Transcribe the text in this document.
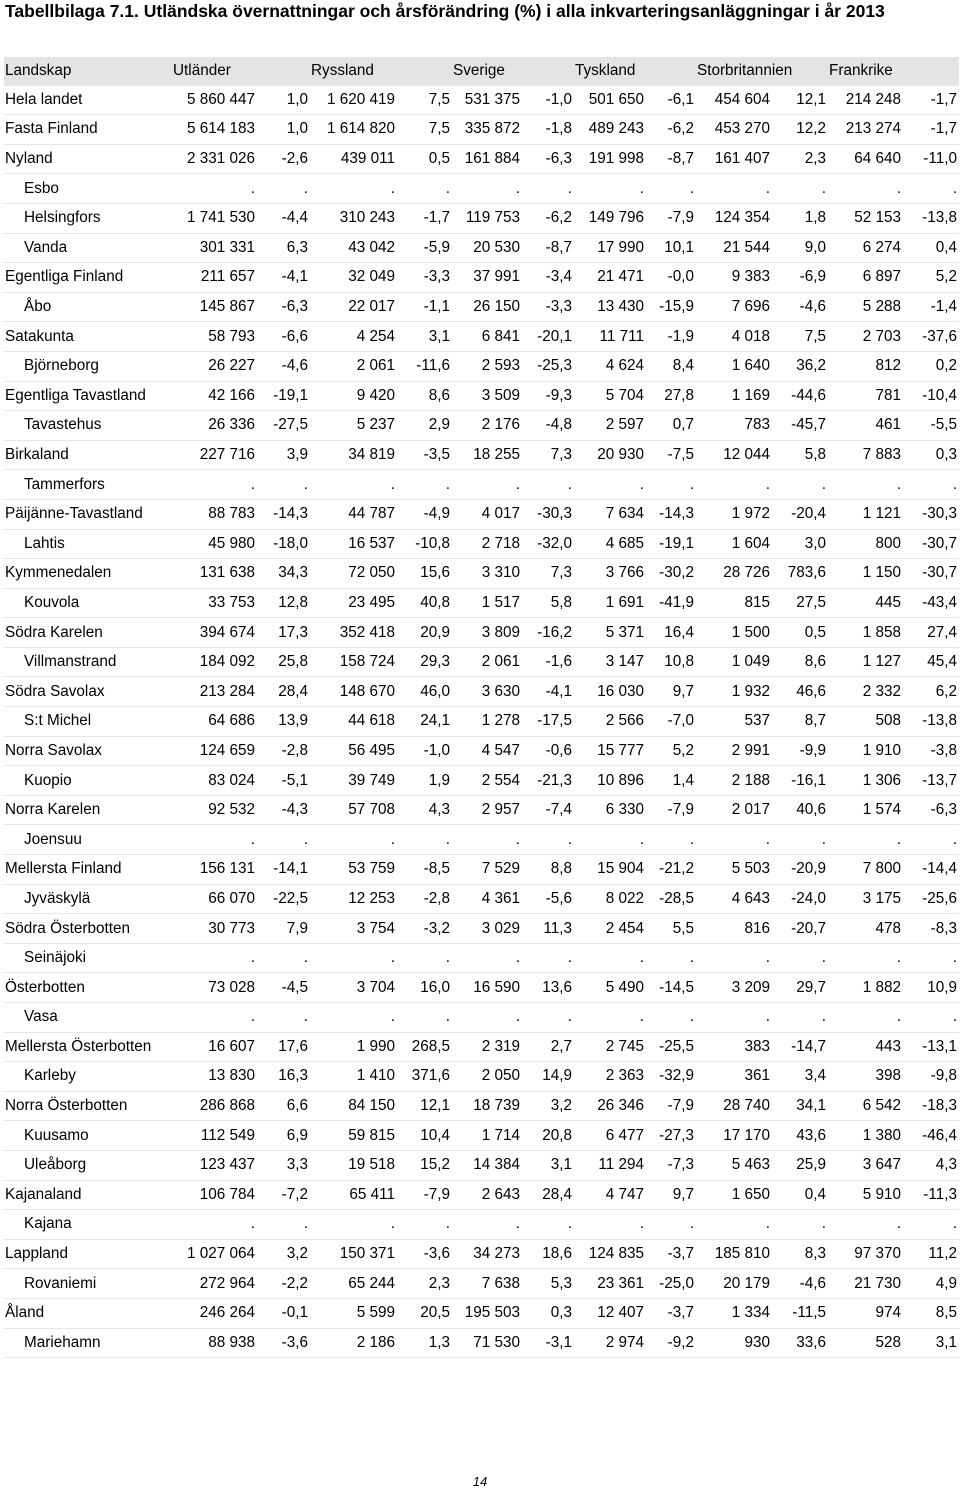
Tabellbilaga 7.1. Utländska övernattningar och årsförändring (%) i alla inkvarteringsanläggningar i år 2013
Landskap	Utländer		Ryssland		Sverige		Tyskland		Storbritannien		Frankrike	
Hela landet	5 860 447	1,0	1 620 419	7,5	531 375	-1,0	501 650	-6,1	454 604	12,1	214 248	-1,7
Fasta Finland	5 614 183	1,0	1 614 820	7,5	335 872	-1,8	489 243	-6,2	453 270	12,2	213 274	-1,7
Nyland	2 331 026	-2,6	439 011	0,5	161 884	-6,3	191 998	-8,7	161 407	2,3	64 640	-11,0
Esbo	.	.	.	.	.	.	.	.	.	.	.	.
Helsingfors	1 741 530	-4,4	310 243	-1,7	119 753	-6,2	149 796	-7,9	124 354	1,8	52 153	-13,8
Vanda	301 331	6,3	43 042	-5,9	20 530	-8,7	17 990	10,1	21 544	9,0	6 274	0,4
Egentliga Finland	211 657	-4,1	32 049	-3,3	37 991	-3,4	21 471	-0,0	9 383	-6,9	6 897	5,2
Åbo	145 867	-6,3	22 017	-1,1	26 150	-3,3	13 430	-15,9	7 696	-4,6	5 288	-1,4
Satakunta	58 793	-6,6	4 254	3,1	6 841	-20,1	11 711	-1,9	4 018	7,5	2 703	-37,6
Björneborg	26 227	-4,6	2 061	-11,6	2 593	-25,3	4 624	8,4	1 640	36,2	812	0,2
Egentliga Tavastland	42 166	-19,1	9 420	8,6	3 509	-9,3	5 704	27,8	1 169	-44,6	781	-10,4
Tavastehus	26 336	-27,5	5 237	2,9	2 176	-4,8	2 597	0,7	783	-45,7	461	-5,5
Birkaland	227 716	3,9	34 819	-3,5	18 255	7,3	20 930	-7,5	12 044	5,8	7 883	0,3
Tammerfors	.	.	.	.	.	.	.	.	.	.	.	.
Päijänne-Tavastland	88 783	-14,3	44 787	-4,9	4 017	-30,3	7 634	-14,3	1 972	-20,4	1 121	-30,3
Lahtis	45 980	-18,0	16 537	-10,8	2 718	-32,0	4 685	-19,1	1 604	3,0	800	-30,7
Kymmenedalen	131 638	34,3	72 050	15,6	3 310	7,3	3 766	-30,2	28 726	783,6	1 150	-30,7
Kouvola	33 753	12,8	23 495	40,8	1 517	5,8	1 691	-41,9	815	27,5	445	-43,4
Södra Karelen	394 674	17,3	352 418	20,9	3 809	-16,2	5 371	16,4	1 500	0,5	1 858	27,4
Villmanstrand	184 092	25,8	158 724	29,3	2 061	-1,6	3 147	10,8	1 049	8,6	1 127	45,4
Södra Savolax	213 284	28,4	148 670	46,0	3 630	-4,1	16 030	9,7	1 932	46,6	2 332	6,2
S:t Michel	64 686	13,9	44 618	24,1	1 278	-17,5	2 566	-7,0	537	8,7	508	-13,8
Norra Savolax	124 659	-2,8	56 495	-1,0	4 547	-0,6	15 777	5,2	2 991	-9,9	1 910	-3,8
Kuopio	83 024	-5,1	39 749	1,9	2 554	-21,3	10 896	1,4	2 188	-16,1	1 306	-13,7
Norra Karelen	92 532	-4,3	57 708	4,3	2 957	-7,4	6 330	-7,9	2 017	40,6	1 574	-6,3
Joensuu	.	.	.	.	.	.	.	.	.	.	.	.
Mellersta Finland	156 131	-14,1	53 759	-8,5	7 529	8,8	15 904	-21,2	5 503	-20,9	7 800	-14,4
Jyväskylä	66 070	-22,5	12 253	-2,8	4 361	-5,6	8 022	-28,5	4 643	-24,0	3 175	-25,6
Södra Österbotten	30 773	7,9	3 754	-3,2	3 029	11,3	2 454	5,5	816	-20,7	478	-8,3
Seinäjoki	.	.	.	.	.	.	.	.	.	.	.	.
Österbotten	73 028	-4,5	3 704	16,0	16 590	13,6	5 490	-14,5	3 209	29,7	1 882	10,9
Vasa	.	.	.	.	.	.	.	.	.	.	.	.
Mellersta Österbotten	16 607	17,6	1 990	268,5	2 319	2,7	2 745	-25,5	383	-14,7	443	-13,1
Karleby	13 830	16,3	1 410	371,6	2 050	14,9	2 363	-32,9	361	3,4	398	-9,8
Norra Österbotten	286 868	6,6	84 150	12,1	18 739	3,2	26 346	-7,9	28 740	34,1	6 542	-18,3
Kuusamo	112 549	6,9	59 815	10,4	1 714	20,8	6 477	-27,3	17 170	43,6	1 380	-46,4
Uleåborg	123 437	3,3	19 518	15,2	14 384	3,1	11 294	-7,3	5 463	25,9	3 647	4,3
Kajanaland	106 784	-7,2	65 411	-7,9	2 643	28,4	4 747	9,7	1 650	0,4	5 910	-11,3
Kajana	.	.	.	.	.	.	.	.	.	.	.	.
Lappland	1 027 064	3,2	150 371	-3,6	34 273	18,6	124 835	-3,7	185 810	8,3	97 370	11,2
Rovaniemi	272 964	-2,2	65 244	2,3	7 638	5,3	23 361	-25,0	20 179	-4,6	21 730	4,9
Åland	246 264	-0,1	5 599	20,5	195 503	0,3	12 407	-3,7	1 334	-11,5	974	8,5
Mariehamn	88 938	-3,6	2 186	1,3	71 530	-3,1	2 974	-9,2	930	33,6	528	3,1
14
